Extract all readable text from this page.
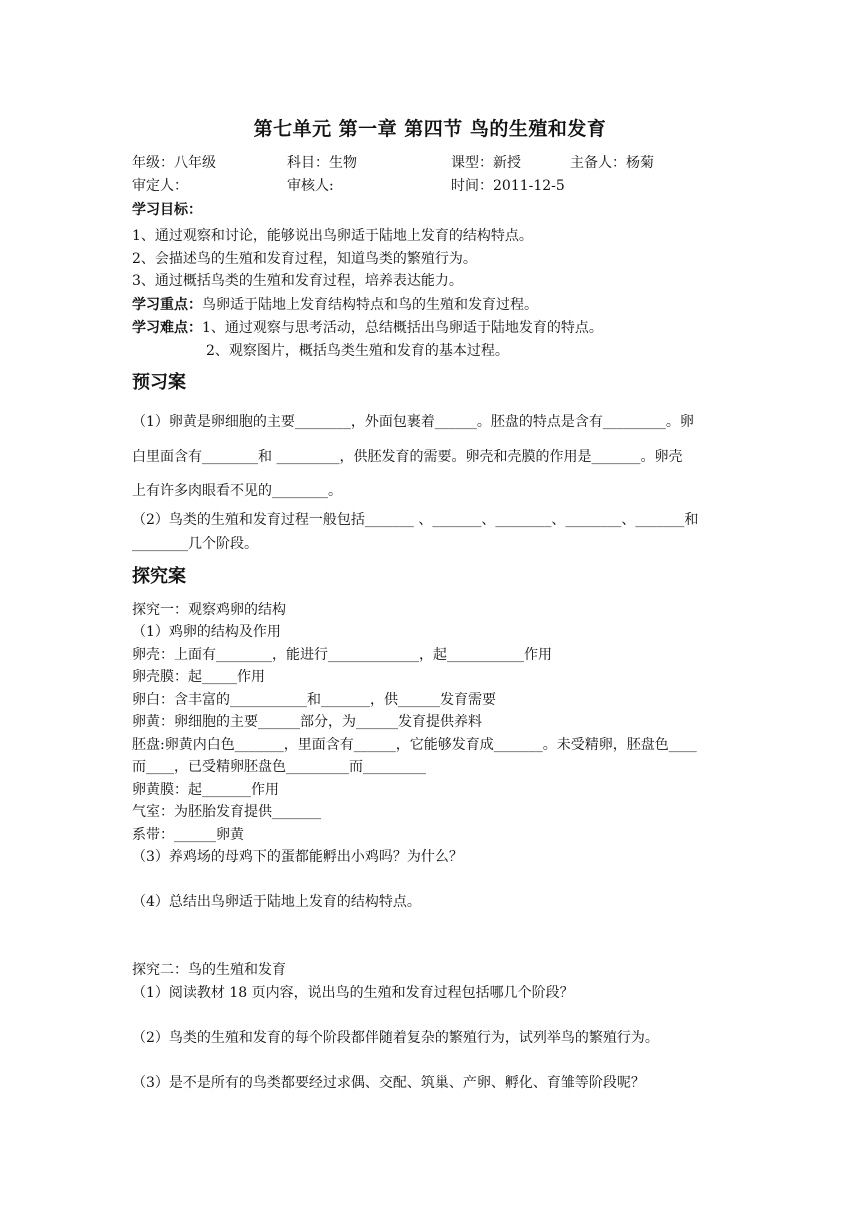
第七单元 第一章 第四节 鸟的生殖和发育
年级：八年级	科目：生物	课型：新授	主备人：杨菊
审定人：	审核人:	时间：2011-12-5
学习目标：
1、通过观察和讨论，能够说出鸟卵适于陆地上发育的结构特点。
2、会描述鸟的生殖和发育过程，知道鸟类的繁殖行为。
3、通过概括鸟类的生殖和发育过程，培养表达能力。
学习重点：鸟卵适于陆地上发育结构特点和鸟的生殖和发育过程。
学习难点：1、通过观察与思考活动，总结概括出鸟卵适于陆地发育的特点。
2、观察图片，概括鸟类生殖和发育的基本过程。
预习案
（1）卵黄是卵细胞的主要________，外面包裹着______。胚盘的特点是含有_________。卵
白里面含有________和 _________，供胚发育的需要。卵壳和壳膜的作用是_______。卵壳
上有许多肉眼看不见的________。
（2）鸟类的生殖和发育过程一般包括_______ 、_______、________、________、_______和
________几个阶段。
探究案
探究一：观察鸡卵的结构
（1）鸡卵的结构及作用
卵壳：上面有________，能进行_____________，起___________作用
卵壳膜：起_____作用
卵白：含丰富的___________和_______，供______发育需要
卵黄：卵细胞的主要______部分，为______发育提供养料
胚盘:卵黄内白色_______，里面含有______，它能够发育成_______。未受精卵，胚盘色____
而____，已受精卵胚盘色_________而_________
卵黄膜：起_______作用
气室：为胚胎发育提供_______
系带：______卵黄
（3）养鸡场的母鸡下的蛋都能孵出小鸡吗？为什么？
（4）总结出鸟卵适于陆地上发育的结构特点。
探究二：鸟的生殖和发育
（1）阅读教材 18 页内容，说出鸟的生殖和发育过程包括哪几个阶段？
（2）鸟类的生殖和发育的每个阶段都伴随着复杂的繁殖行为，试列举鸟的繁殖行为。
（3）是不是所有的鸟类都要经过求偶、交配、筑巢、产卵、孵化、育雏等阶段呢？
